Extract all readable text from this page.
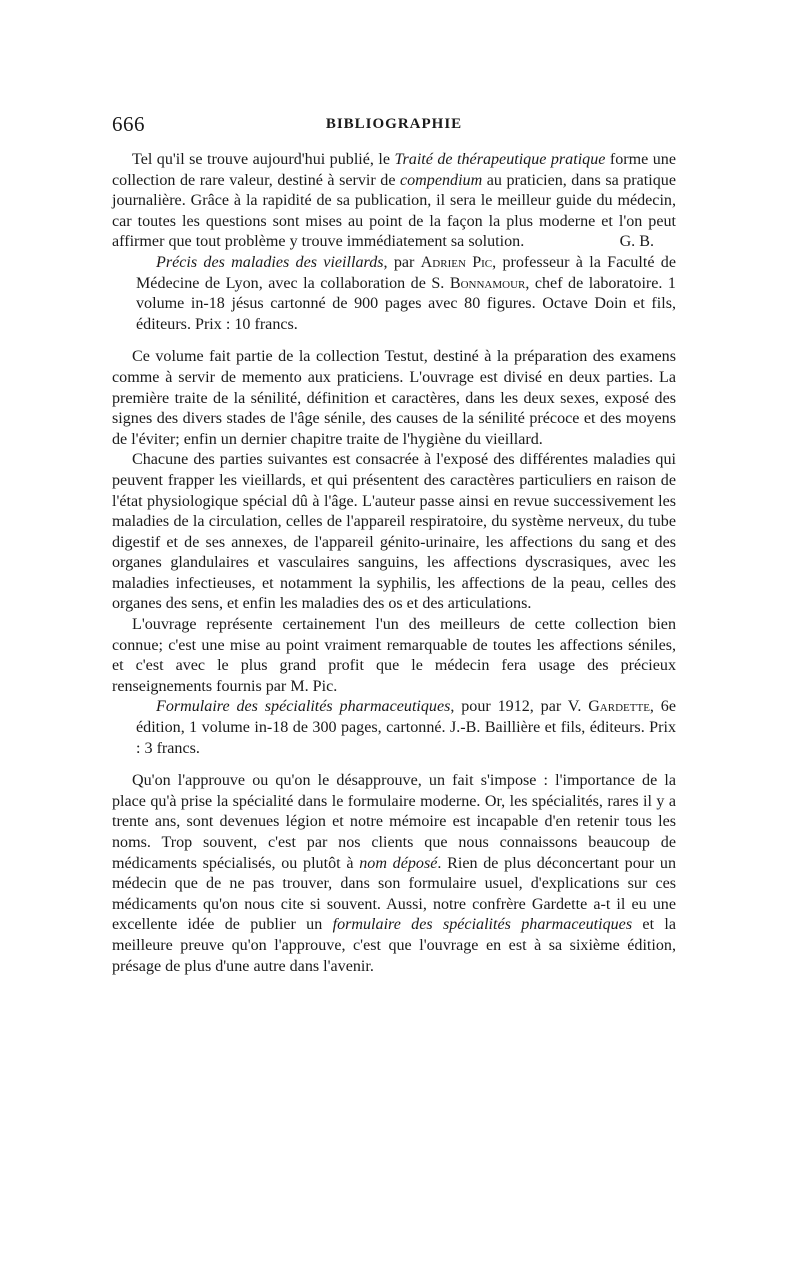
666	BIBLIOGRAPHIE

Tel qu'il se trouve aujourd'hui publié, le Traité de thérapeutique pratique forme une collection de rare valeur, destiné à servir de compendium au praticien, dans sa pratique journalière. Grâce à la rapidité de sa publication, il sera le meilleur guide du médecin, car toutes les questions sont mises au point de la façon la plus moderne et l'on peut affirmer que tout problème y trouve immédiatement sa solution.	G. B.

Précis des maladies des vieillards, par Adrien Pic, professeur à la Faculté de Médecine de Lyon, avec la collaboration de S. Bonnamour, chef de laboratoire. 1 volume in-18 jésus cartonné de 900 pages avec 80 figures. Octave Doin et fils, éditeurs. Prix : 10 francs.

Ce volume fait partie de la collection Testut, destiné à la préparation des examens comme à servir de memento aux praticiens. L'ouvrage est divisé en deux parties. La première traite de la sénilité, définition et caractères, dans les deux sexes, exposé des signes des divers stades de l'âge sénile, des causes de la sénilité précoce et des moyens de l'éviter; enfin un dernier chapitre traite de l'hygiène du vieillard.

Chacune des parties suivantes est consacrée à l'exposé des différentes maladies qui peuvent frapper les vieillards, et qui présentent des caractères particuliers en raison de l'état physiologique spécial dû à l'âge. L'auteur passe ainsi en revue successivement les maladies de la circulation, celles de l'appareil respiratoire, du système nerveux, du tube digestif et de ses annexes, de l'appareil génito-urinaire, les affections du sang et des organes glandulaires et vasculaires sanguins, les affections dyscrasiques, avec les maladies infectieuses, et notamment la syphilis, les affections de la peau, celles des organes des sens, et enfin les maladies des os et des articulations.

L'ouvrage représente certainement l'un des meilleurs de cette collection bien connue; c'est une mise au point vraiment remarquable de toutes les affections séniles, et c'est avec le plus grand profit que le médecin fera usage des précieux renseignements fournis par M. Pic.

Formulaire des spécialités pharmaceutiques, pour 1912, par V. Gardette, 6e édition, 1 volume in-18 de 300 pages, cartonné. J.-B. Baillière et fils, éditeurs. Prix : 3 francs.

Qu'on l'approuve ou qu'on le désapprouve, un fait s'impose : l'importance de la place qu'à prise la spécialité dans le formulaire moderne. Or, les spécialités, rares il y a trente ans, sont devenues légion et notre mémoire est incapable d'en retenir tous les noms. Trop souvent, c'est par nos clients que nous connaissons beaucoup de médicaments spécialisés, ou plutôt à nom déposé. Rien de plus déconcertant pour un médecin que de ne pas trouver, dans son formulaire usuel, d'explications sur ces médicaments qu'on nous cite si souvent. Aussi, notre confrère Gardette a-t il eu une excellente idée de publier un formulaire des spécialités pharmaceutiques et la meilleure preuve qu'on l'approuve, c'est que l'ouvrage en est à sa sixième édition, présage de plus d'une autre dans l'avenir.
